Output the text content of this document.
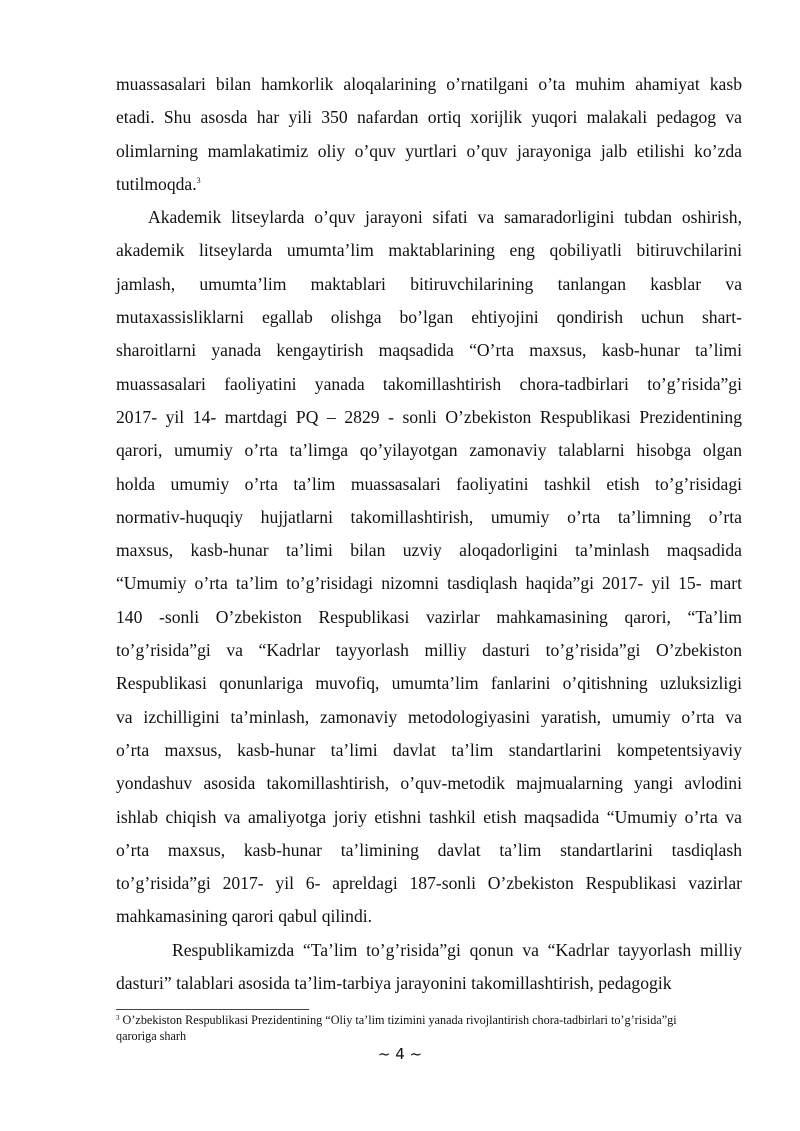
muassasalari bilan hamkorlik aloqalarining o’rnatilgani o’ta muhim ahamiyat kasb
etadi. Shu asosda har yili 350 nafardan ortiq xorijlik yuqori malakali pedagog va
olimlarning mamlakatimiz oliy o’quv yurtlari o’quv jarayoniga jalb etilishi ko’zda
tutilmoqda.$^3$
Akademik litseylarda o’quv jarayoni sifati va samaradorligini tubdan oshirish,
akademik litseylarda umumta’lim maktablarining eng qobiliyatli bitiruvchilarini
jamlash, umumta’lim maktablari bitiruvchilarining tanlangan kasblar va
mutaxassisliklarni egallab olishga bo’lgan ehtiyojini qondirish uchun shart-
sharoitlarni yanada kengaytirish maqsadida “O’rta maxsus, kasb-hunar ta’limi
muassasalari faoliyatini yanada takomillashtirish chora-tadbirlari to’g’risida”gi
2017- yil 14- martdagi PQ – 2829 - sonli O’zbekiston Respublikasi Prezidentining
qarori, umumiy o’rta ta’limga qo’yilayotgan zamonaviy talablarni hisobga olgan
holda umumiy o’rta ta’lim muassasalari faoliyatini tashkil etish to’g’risidagi
normativ-huquqiy hujjatlarni takomillashtirish, umumiy o’rta ta’limning o’rta
maxsus, kasb-hunar ta’limi bilan uzviy aloqadorligini ta’minlash maqsadida
“Umumiy o’rta ta’lim to’g’risidagi nizomni tasdiqlash haqida”gi 2017- yil 15- mart
140 -sonli O’zbekiston Respublikasi vazirlar mahkamasining qarori, “Ta’lim
to’g’risida”gi va “Kadrlar tayyorlash milliy dasturi to’g’risida”gi O’zbekiston
Respublikasi qonunlariga muvofiq, umumta’lim fanlarini o’qitishning uzluksizligi
va izchilligini ta’minlash, zamonaviy metodologiyasini yaratish, umumiy o’rta va
o’rta maxsus, kasb-hunar ta’limi davlat ta’lim standartlarini kompetentsiyaviy
yondashuv asosida takomillashtirish, o’quv-metodik majmualarning yangi avlodini
ishlab chiqish va amaliyotga joriy etishni tashkil etish maqsadida “Umumiy o’rta va
o’rta maxsus, kasb-hunar ta’limining davlat ta’lim standartlarini tasdiqlash
to’g’risida”gi 2017- yil 6- apreldagi 187-sonli O’zbekiston Respublikasi vazirlar
mahkamasining qarori qabul qilindi.
Respublikamizda “Ta’lim to’g’risida”gi qonun va “Kadrlar tayyorlash milliy
dasturi” talablari asosida ta’lim-tarbiya jarayonini takomillashtirish, pedagogik
$^3$ O’zbekiston Respublikasi Prezidentining “Oliy ta’lim tizimini yanada rivojlantirish chora-tadbirlari to’g’risida”gi
qaroriga sharh
~ 4 ~
